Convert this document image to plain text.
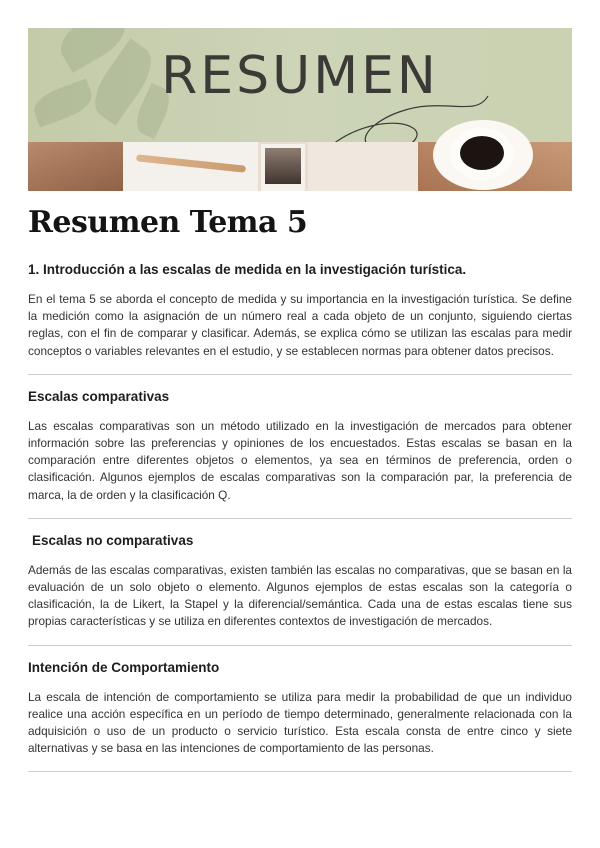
RESUMEN
Resumen Tema 5
1. Introducción a las escalas de medida en la investigación turística.

En el tema 5 se aborda el concepto de medida y su importancia en la investigación turística. Se define la medición como la asignación de un número real a cada objeto de un conjunto, siguiendo ciertas reglas, con el fin de comparar y clasificar. Además, se explica cómo se utilizan las escalas para medir conceptos o variables relevantes en el estudio, y se establecen normas para obtener datos precisos.

Escalas comparativas

Las escalas comparativas son un método utilizado en la investigación de mercados para obtener información sobre las preferencias y opiniones de los encuestados. Estas escalas se basan en la comparación entre diferentes objetos o elementos, ya sea en términos de preferencia, orden o clasificación. Algunos ejemplos de escalas comparativas son la comparación par, la preferencia de marca, la de orden y la clasificación Q.

Escalas no comparativas

Además de las escalas comparativas, existen también las escalas no comparativas, que se basan en la evaluación de un solo objeto o elemento. Algunos ejemplos de estas escalas son la categoría o clasificación, la de Likert, la Stapel y la diferencial/semántica. Cada una de estas escalas tiene sus propias características y se utiliza en diferentes contextos de investigación de mercados.

Intención de Comportamiento

La escala de intención de comportamiento se utiliza para medir la probabilidad de que un individuo realice una acción específica en un período de tiempo determinado, generalmente relacionada con la adquisición o uso de un producto o servicio turístico. Esta escala consta de entre cinco y siete alternativas y se basa en las intenciones de comportamiento de las personas.
